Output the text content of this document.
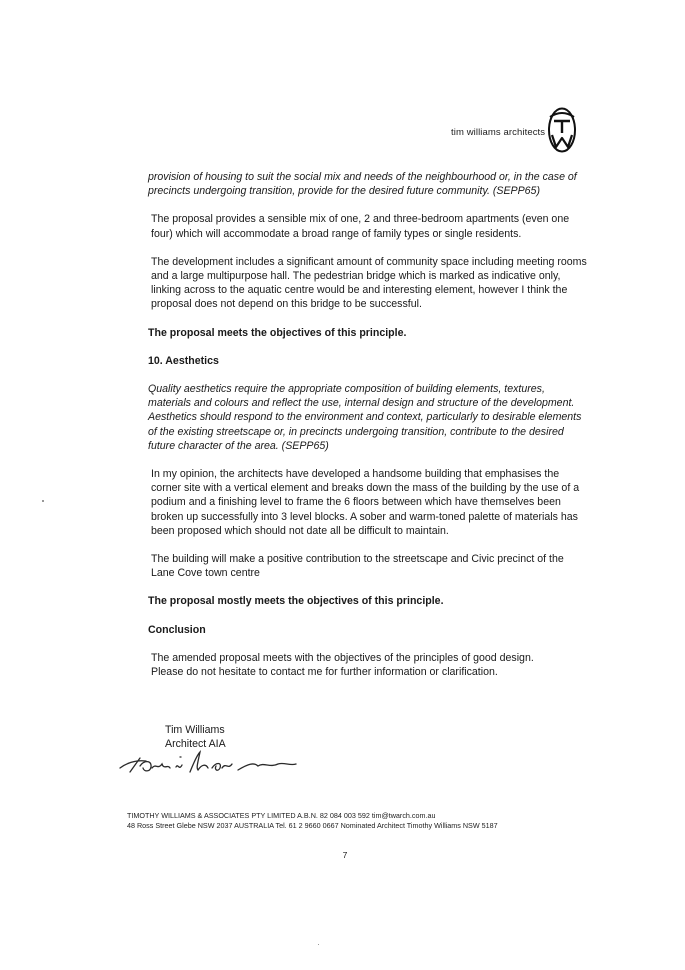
tim williams architects

provision of housing to suit the social mix and needs of the neighbourhood or, in the case of precincts undergoing transition, provide for the desired future community. (SEPP65)

The proposal provides a sensible mix of one, 2 and three-bedroom apartments (even one four) which will accommodate a broad range of family types or single residents.

The development includes a significant amount of community space including meeting rooms and a large multipurpose hall. The pedestrian bridge which is marked as indicative only, linking across to the aquatic centre would be and interesting element, however I think the proposal does not depend on this bridge to be successful.

The proposal meets the objectives of this principle.

10. Aesthetics

Quality aesthetics require the appropriate composition of building elements, textures, materials and colours and reflect the use, internal design and structure of the development. Aesthetics should respond to the environment and context, particularly to desirable elements of the existing streetscape or, in precincts undergoing transition, contribute to the desired future character of the area. (SEPP65)

In my opinion, the architects have developed a handsome building that emphasises the corner site with a vertical element and breaks down the mass of the building by the use of a podium and a finishing level to frame the 6 floors between which have themselves been broken up successfully into 3 level blocks. A sober and warm-toned palette of materials has been proposed which should not date all be difficult to maintain.

The building will make a positive contribution to the streetscape and Civic precinct of the Lane Cove town centre

The proposal mostly meets the objectives of this principle.

Conclusion

The amended proposal meets with the objectives of the principles of good design. Please do not hesitate to contact me for further information or clarification.

Tim Williams
Architect AIA
TIMOTHY WILLIAMS & ASSOCIATES PTY LIMITED A.B.N. 82 084 003 592 tim@twarch.com.au
48 Ross Street Glebe NSW 2037 AUSTRALIA Tel. 61 2 9660 0667 Nominated Architect Timothy Williams NSW 5187
7
